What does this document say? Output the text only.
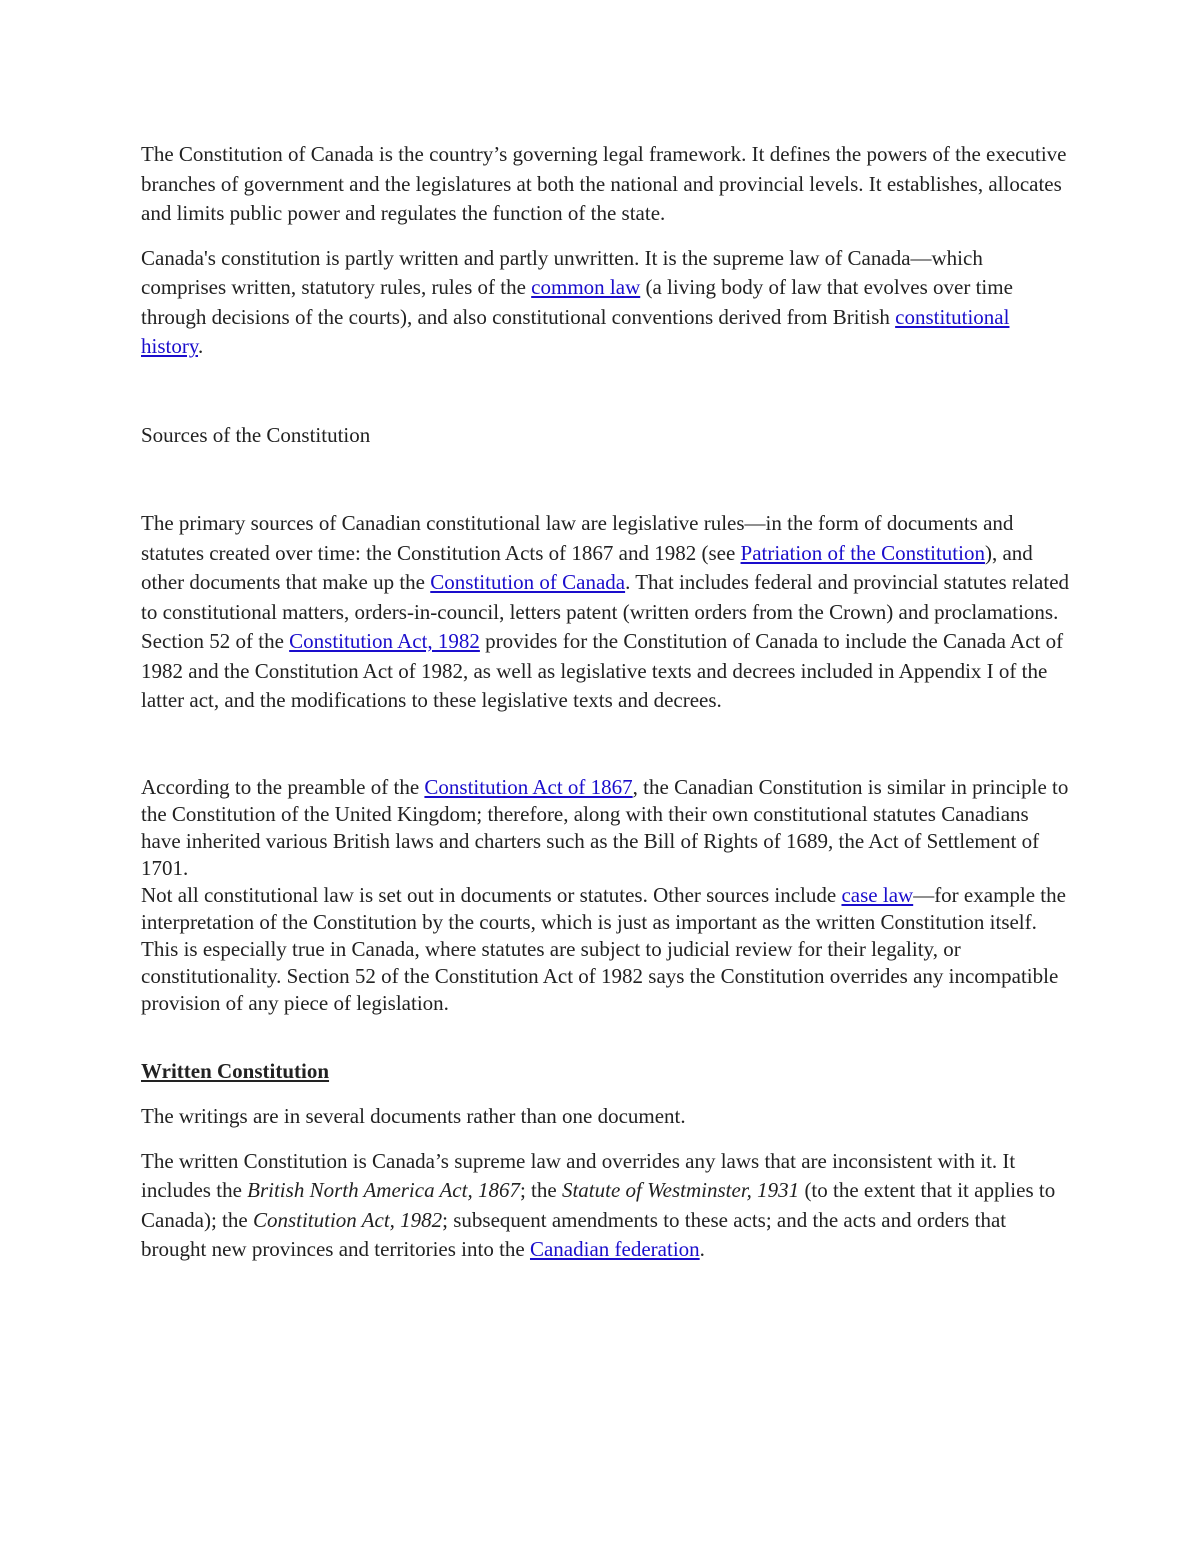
The Constitution of Canada is the country’s governing legal framework. It defines the powers of the executive branches of government and the legislatures at both the national and provincial levels. It establishes, allocates and limits public power and regulates the function of the state.

Canada's constitution is partly written and partly unwritten. It is the supreme law of Canada—which comprises written, statutory rules, rules of the common law (a living body of law that evolves over time through decisions of the courts), and also constitutional conventions derived from British constitutional history.

Sources of the Constitution

The primary sources of Canadian constitutional law are legislative rules—in the form of documents and statutes created over time: the Constitution Acts of 1867 and 1982 (see Patriation of the Constitution), and other documents that make up the Constitution of Canada. That includes federal and provincial statutes related to constitutional matters, orders-in-council, letters patent (written orders from the Crown) and proclamations. Section 52 of the Constitution Act, 1982 provides for the Constitution of Canada to include the Canada Act of 1982 and the Constitution Act of 1982, as well as legislative texts and decrees included in Appendix I of the latter act, and the modifications to these legislative texts and decrees.

According to the preamble of the Constitution Act of 1867, the Canadian Constitution is similar in principle to the Constitution of the United Kingdom; therefore, along with their own constitutional statutes Canadians have inherited various British laws and charters such as the Bill of Rights of 1689, the Act of Settlement of 1701.

Not all constitutional law is set out in documents or statutes. Other sources include case law—for example the interpretation of the Constitution by the courts, which is just as important as the written Constitution itself. This is especially true in Canada, where statutes are subject to judicial review for their legality, or constitutionality. Section 52 of the Constitution Act of 1982 says the Constitution overrides any incompatible provision of any piece of legislation.

Written Constitution

The writings are in several documents rather than one document.

The written Constitution is Canada’s supreme law and overrides any laws that are inconsistent with it. It includes the British North America Act, 1867; the Statute of Westminster, 1931 (to the extent that it applies to Canada); the Constitution Act, 1982; subsequent amendments to these acts; and the acts and orders that brought new provinces and territories into the Canadian federation.
